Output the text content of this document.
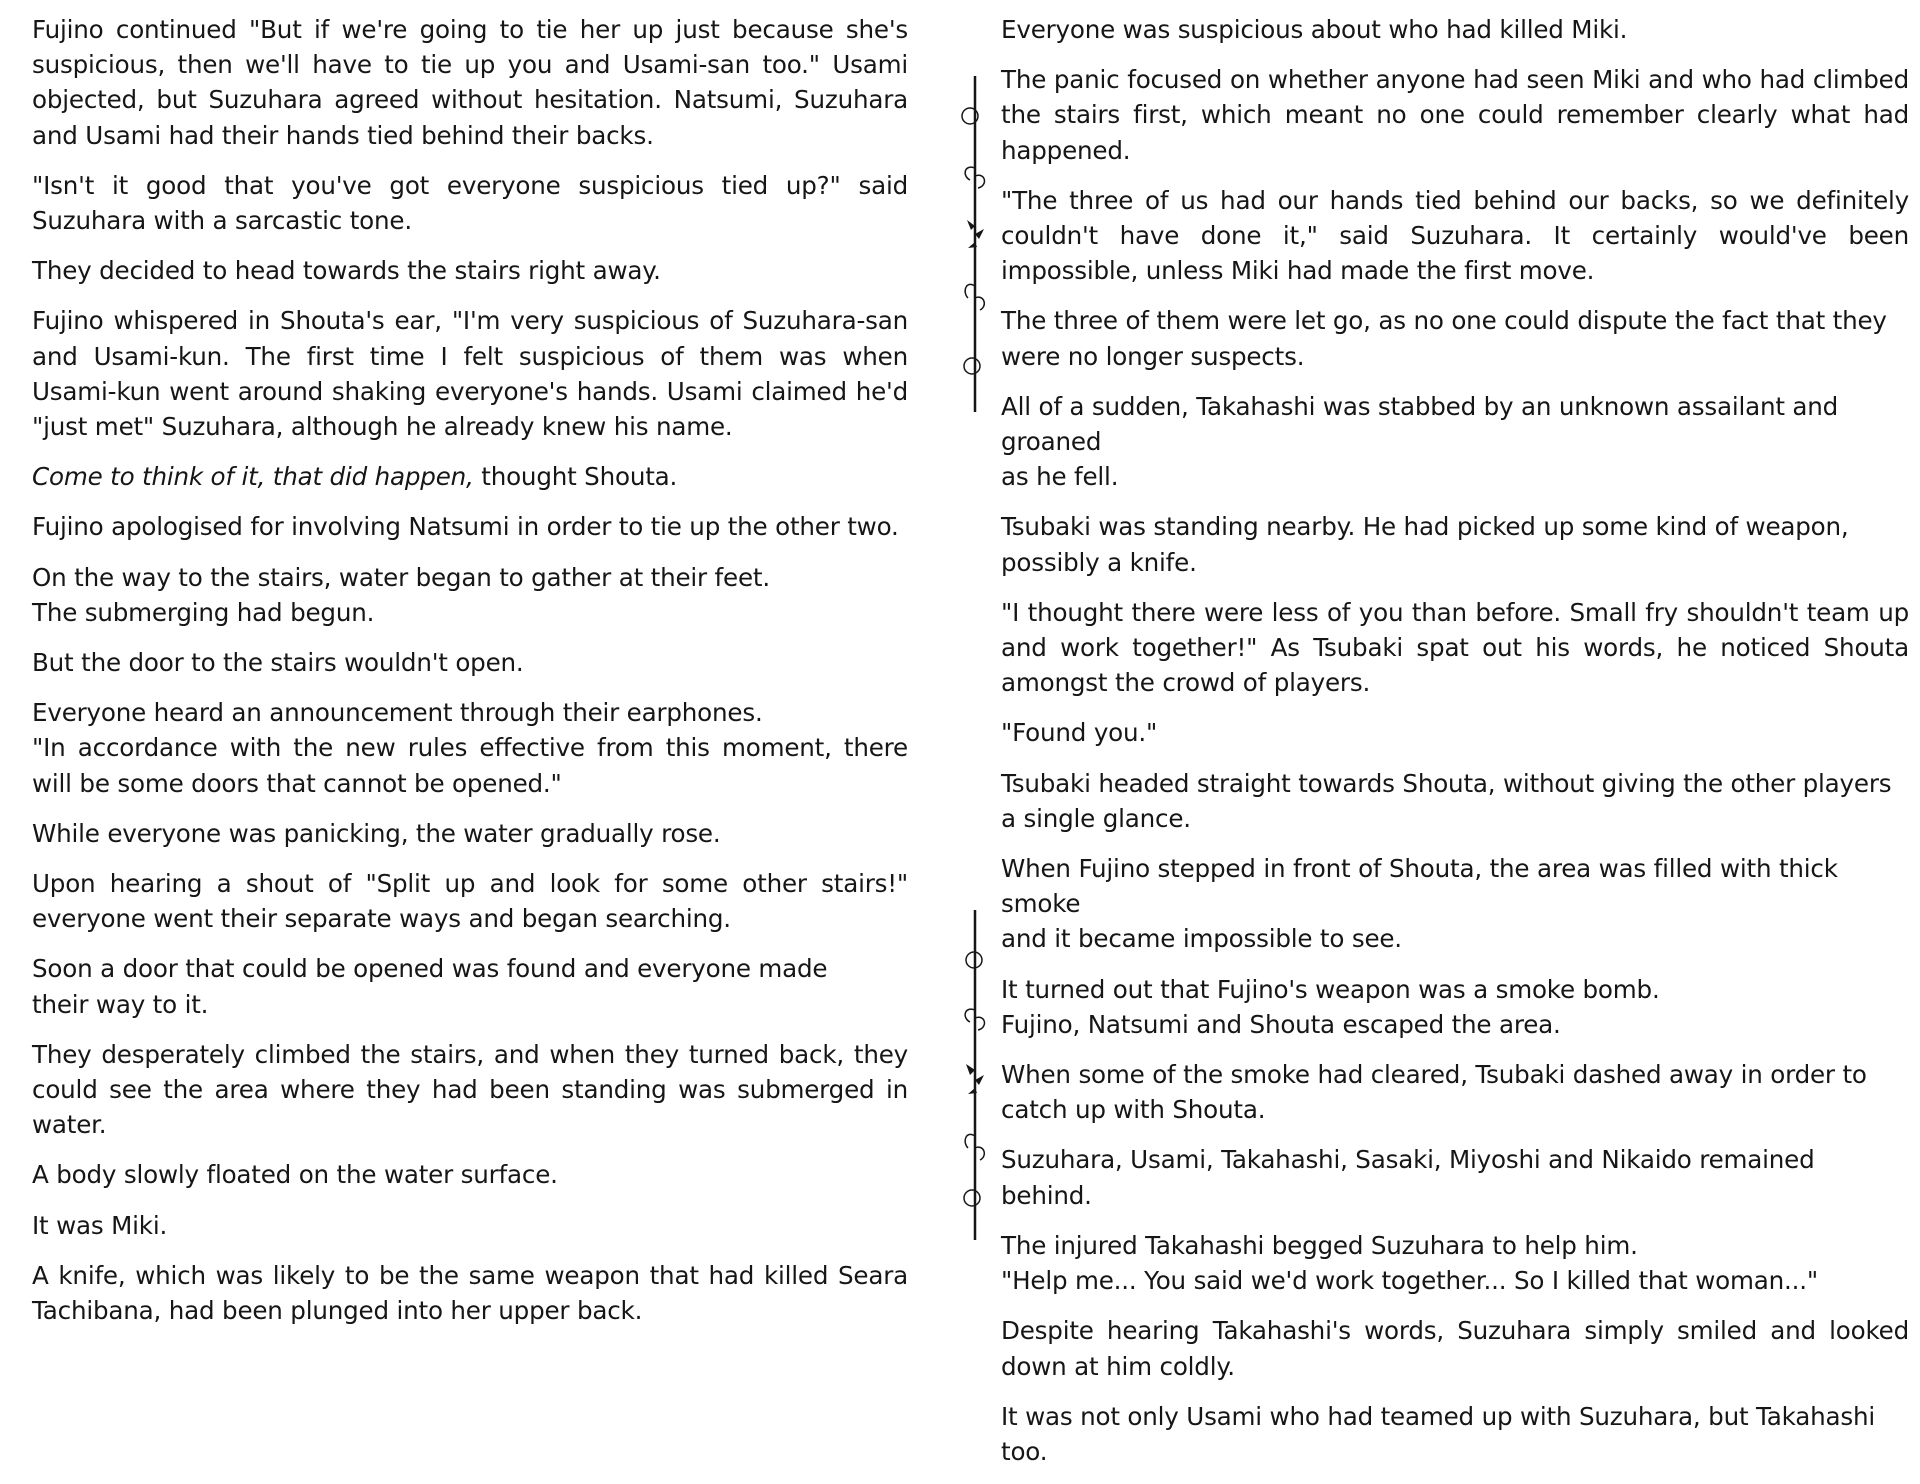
Fujino continued "But if we're going to tie her up just because she's suspicious, then we'll have to tie up you and Usami-san too." Usami objected, but Suzuhara agreed without hesitation. Natsumi, Suzuhara and Usami had their hands tied behind their backs.

"Isn't it good that you've got everyone suspicious tied up?" said Suzuhara with a sarcastic tone.

They decided to head towards the stairs right away.

Fujino whispered in Shouta's ear, "I'm very suspicious of Suzuhara-san and Usami-kun. The first time I felt suspicious of them was when Usami-kun went around shaking everyone's hands. Usami claimed he'd "just met" Suzuhara, although he already knew his name.

Come to think of it, that did happen, thought Shouta.

Fujino apologised for involving Natsumi in order to tie up the other two.

On the way to the stairs, water began to gather at their feet.
The submerging had begun.

But the door to the stairs wouldn't open.

Everyone heard an announcement through their earphones.
"In accordance with the new rules effective from this moment, there will be some doors that cannot be opened."

While everyone was panicking, the water gradually rose.

Upon hearing a shout of "Split up and look for some other stairs!" everyone went their separate ways and began searching.

Soon a door that could be opened was found and everyone made
their way to it.

They desperately climbed the stairs, and when they turned back, they could see the area where they had been standing was submerged in water.

A body slowly floated on the water surface.

It was Miki.

A knife, which was likely to be the same weapon that had killed Seara Tachibana, had been plunged into her upper back.

Everyone was suspicious about who had killed Miki.

The panic focused on whether anyone had seen Miki and who had climbed the stairs first, which meant no one could remember clearly what had happened.

"The three of us had our hands tied behind our backs, so we definitely couldn't have done it," said Suzuhara. It certainly would've been impossible, unless Miki had made the first move.

The three of them were let go, as no one could dispute the fact that they
were no longer suspects.

All of a sudden, Takahashi was stabbed by an unknown assailant and groaned
as he fell.

Tsubaki was standing nearby. He had picked up some kind of weapon,
possibly a knife.

"I thought there were less of you than before. Small fry shouldn't team up and work together!" As Tsubaki spat out his words, he noticed Shouta amongst the crowd of players.

"Found you."

Tsubaki headed straight towards Shouta, without giving the other players
a single glance.

When Fujino stepped in front of Shouta, the area was filled with thick smoke
and it became impossible to see.

It turned out that Fujino's weapon was a smoke bomb.
Fujino, Natsumi and Shouta escaped the area.

When some of the smoke had cleared, Tsubaki dashed away in order to catch up with Shouta.

Suzuhara, Usami, Takahashi, Sasaki, Miyoshi and Nikaido remained behind.

The injured Takahashi begged Suzuhara to help him.
"Help me... You said we'd work together... So I killed that woman..."

Despite hearing Takahashi's words, Suzuhara simply smiled and looked down at him coldly.

It was not only Usami who had teamed up with Suzuhara, but Takahashi too.
